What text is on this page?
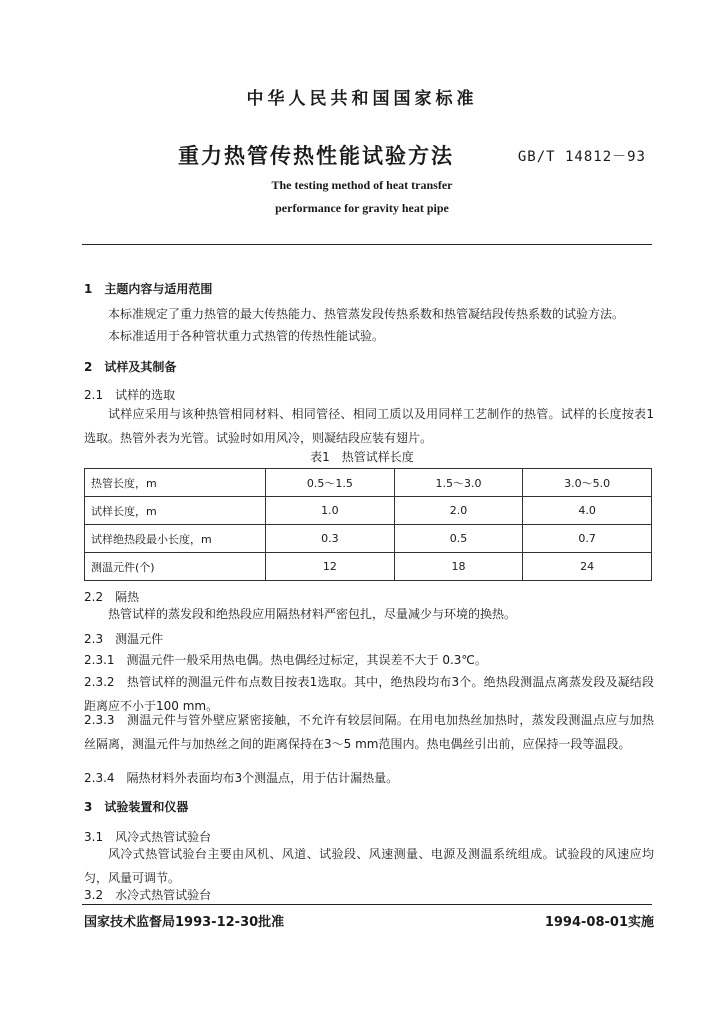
中华人民共和国国家标准
重力热管传热性能试验方法	GB/T 14812－93
The testing method of heat transfer
performance for gravity heat pipe
1　主题内容与适用范围
本标准规定了重力热管的最大传热能力、热管蒸发段传热系数和热管凝结段传热系数的试验方法。
本标准适用于各种管状重力式热管的传热性能试验。
2　试样及其制备
2.1　试样的选取
试样应采用与该种热管相同材料、相同管径、相同工质以及用同样工艺制作的热管。试样的长度按表1选取。热管外表为光管。试验时如用风冷，则凝结段应装有翅片。
表1　热管试样长度
热管长度，m	0.5～1.5	1.5～3.0	3.0～5.0
试样长度，m	1.0	2.0	4.0
试样绝热段最小长度，m	0.3	0.5	0.7
测温元件(个)	12	18	24
2.2　隔热
热管试样的蒸发段和绝热段应用隔热材料严密包扎，尽量减少与环境的换热。
2.3　测温元件
2.3.1　测温元件一般采用热电偶。热电偶经过标定，其误差不大于 0.3℃。
2.3.2　热管试样的测温元件布点数目按表1选取。其中，绝热段均布3个。绝热段测温点离蒸发段及凝结段距离应不小于100 mm。
2.3.3　测温元件与管外壁应紧密接触，不允许有较层间隔。在用电加热丝加热时，蒸发段测温点应与加热丝隔离，测温元件与加热丝之间的距离保持在3～5 mm范围内。热电偶丝引出前，应保持一段等温段。
2.3.4　隔热材料外表面均布3个测温点，用于估计漏热量。
3　试验装置和仪器
3.1　风冷式热管试验台
风冷式热管试验台主要由风机、风道、试验段、风速测量、电源及测温系统组成。试验段的风速应均匀，风量可调节。
3.2　水冷式热管试验台
国家技术监督局1993-12-30批准	1994-08-01实施
